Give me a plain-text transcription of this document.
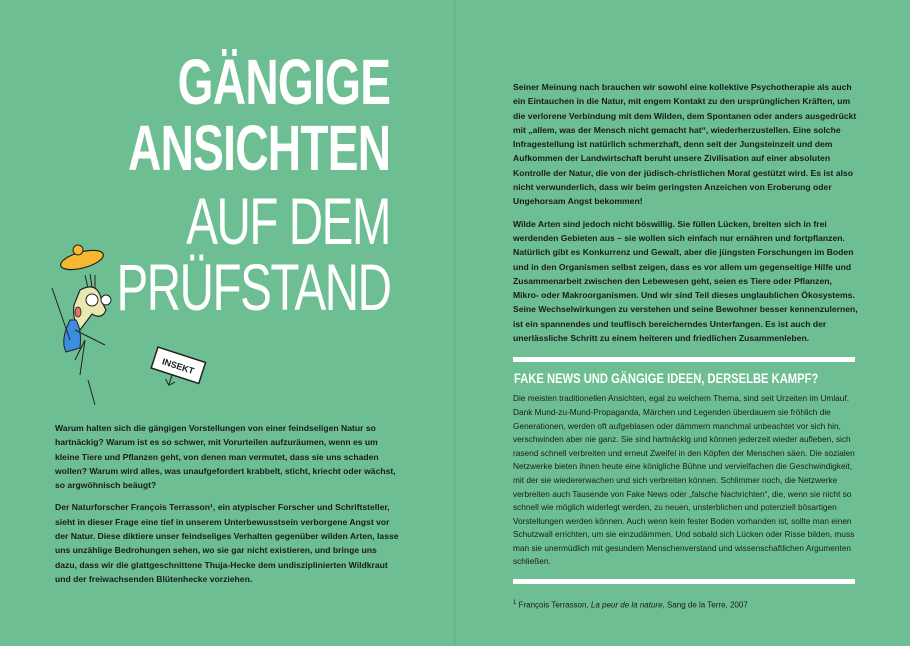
GÄNGIGE
ANSICHTEN
AUF DEM
PRÜFSTAND
INSEKT

Warum halten sich die gängigen Vorstellungen von einer feindseligen Natur so hartnäckig? Warum ist es so schwer, mit Vorurteilen aufzuräumen, wenn es um kleine Tiere und Pflanzen geht, von denen man vermutet, dass sie uns schaden wollen? Warum wird alles, was unaufgefordert krabbelt, sticht, kriecht oder wächst, so argwöhnisch beäugt?

Der Naturforscher François Terrasson¹, ein atypischer Forscher und Schriftsteller, sieht in dieser Frage eine tief in unserem Unterbewusstsein verborgene Angst vor der Natur. Diese diktiere unser feindseliges Verhalten gegenüber wilden Arten, lasse uns unzählige Bedrohungen sehen, wo sie gar nicht existieren, und bringe uns dazu, dass wir die glattgeschnittene Thuja-Hecke dem undisziplinierten Wildkraut und der freiwachsenden Blütenhecke vorziehen.

Seiner Meinung nach brauchen wir sowohl eine kollektive Psychotherapie als auch ein Eintauchen in die Natur, mit engem Kontakt zu den ursprünglichen Kräften, um die verlorene Verbindung mit dem Wilden, dem Spontanen oder anders ausgedrückt mit „allem, was der Mensch nicht gemacht hat“, wiederherzustellen. Eine solche Infragestellung ist natürlich schmerzhaft, denn seit der Jungsteinzeit und dem Aufkommen der Landwirtschaft beruht unsere Zivilisation auf einer absoluten Kontrolle der Natur, die von der jüdisch-christlichen Moral gestützt wird. Es ist also nicht verwunderlich, dass wir beim geringsten Anzeichen von Eroberung oder Ungehorsam Angst bekommen!

Wilde Arten sind jedoch nicht böswillig. Sie füllen Lücken, breiten sich in frei werdenden Gebieten aus – sie wollen sich einfach nur ernähren und fortpflanzen. Natürlich gibt es Konkurrenz und Gewalt, aber die jüngsten Forschungen im Boden und in den Organismen selbst zeigen, dass es vor allem um gegenseitige Hilfe und Zusammenarbeit zwischen den Lebewesen geht, seien es Tiere oder Pflanzen, Mikro- oder Makroorganismen. Und wir sind Teil dieses unglaublichen Ökosystems. Seine Wechselwirkungen zu verstehen und seine Bewohner besser kennenzulernen, ist ein spannendes und teuflisch bereicherndes Unterfangen. Es ist auch der unerlässliche Schritt zu einem heiteren und friedlichen Zusammenleben.

FAKE NEWS UND GÄNGIGE IDEEN, DERSELBE KAMPF?
Die meisten traditionellen Ansichten, egal zu welchem Thema, sind seit Urzeiten im Umlauf. Dank Mund-zu-Mund-Propaganda, Märchen und Legenden überdauern sie fröhlich die Generationen, werden oft aufgeblasen oder dämmern manchmal unbeachtet vor sich hin, verschwinden aber nie ganz. Sie sind hartnäckig und können jederzeit wieder aufleben, sich rasend schnell verbreiten und erneut Zweifel in den Köpfen der Menschen säen. Die sozialen Netzwerke bieten ihnen heute eine königliche Bühne und vervielfachen die Geschwindigkeit, mit der sie wiedererwachen und sich verbreiten können. Schlimmer noch, die Netzwerke verbreiten auch Tausende von Fake News oder „falsche Nachrichten“, die, wenn sie nicht so schnell wie möglich widerlegt werden, zu neuen, unsterblichen und potenziell bösartigen Vorstellungen werden können. Auch wenn kein fester Boden vorhanden ist, sollte man einen Schutzwall errichten, um sie einzudämmen. Und sobald sich Lücken oder Risse bilden, muss man sie unermüdlich mit gesundem Menschenverstand und wissenschaftlichen Argumenten schließen.
$^1$ François Terrasson, La peur de la nature, Sang de la Terre, 2007
